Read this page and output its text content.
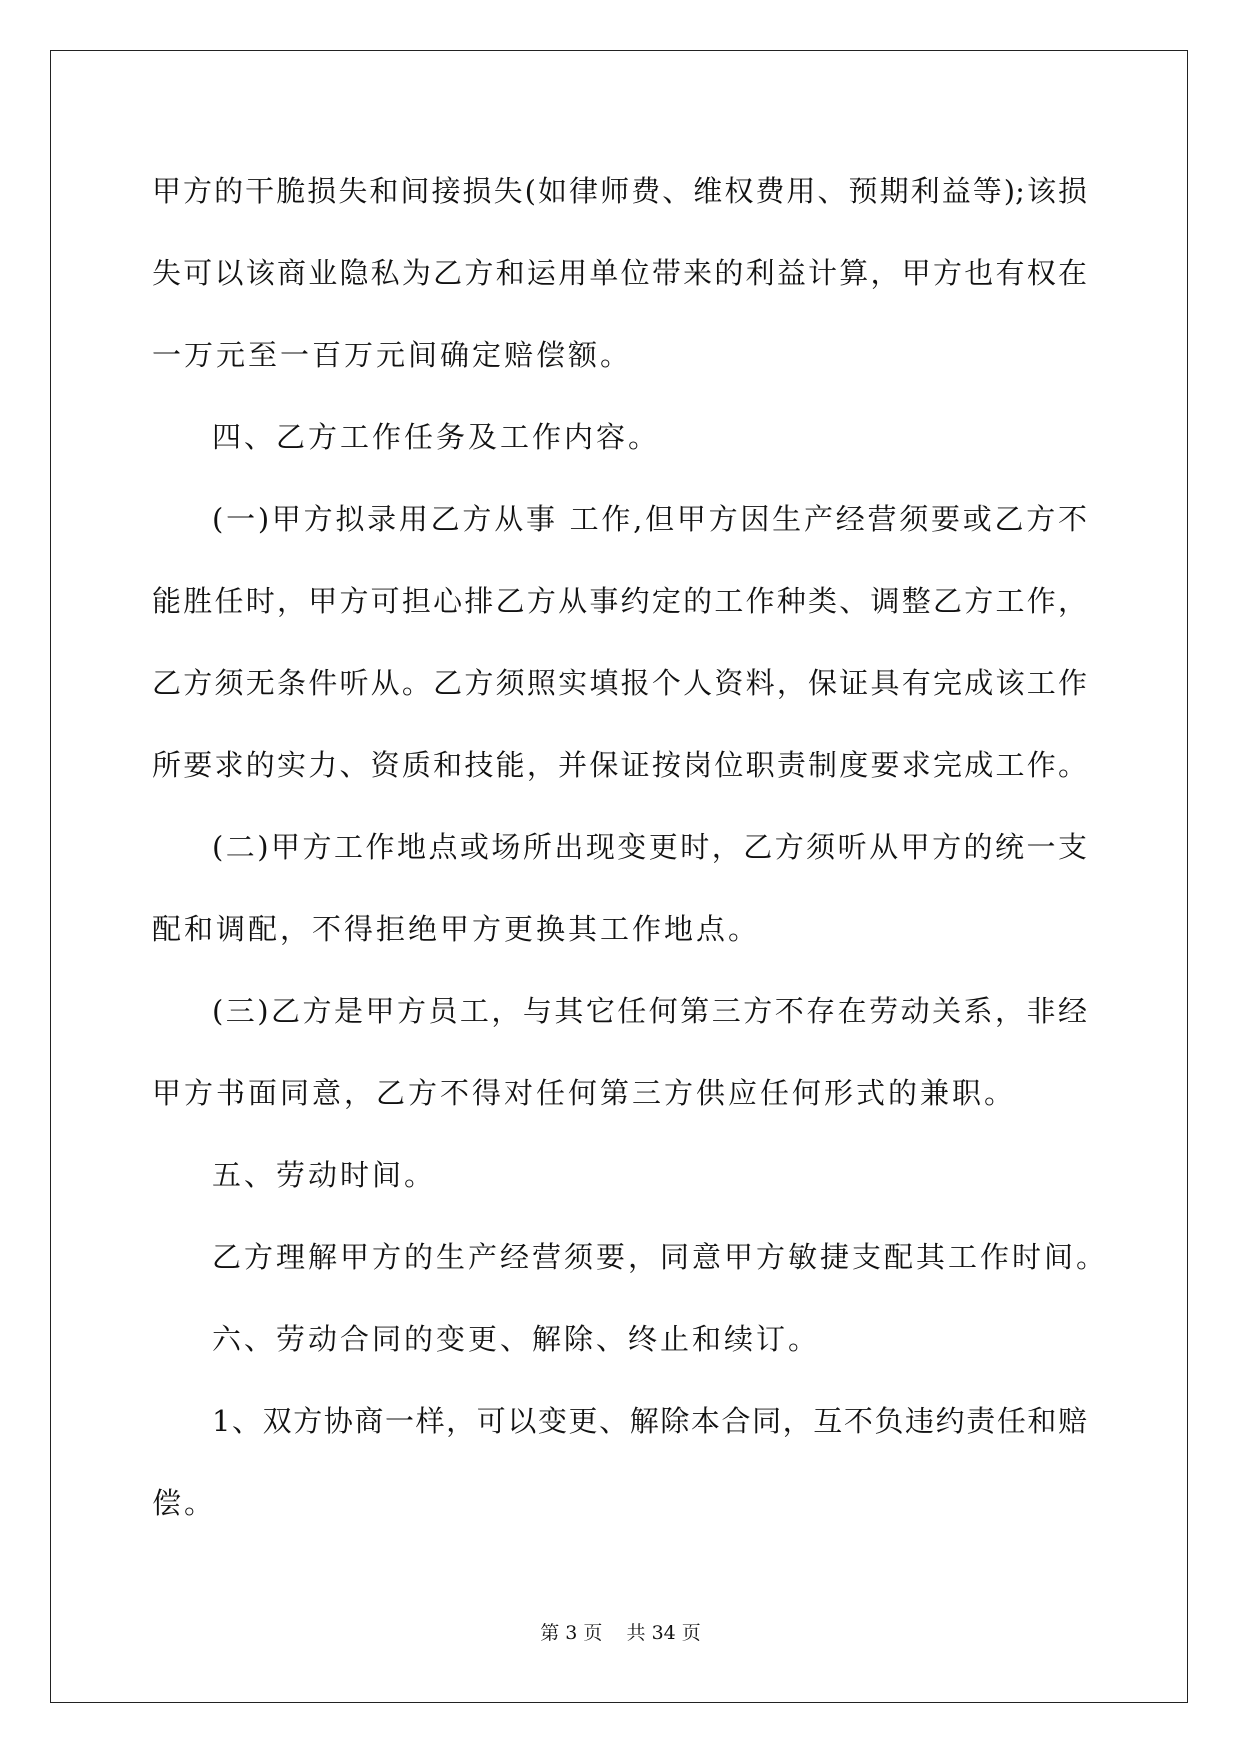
甲方的干脆损失和间接损失(如律师费、维权费用、预期利益等);该损
失可以该商业隐私为乙方和运用单位带来的利益计算，甲方也有权在
一万元至一百万元间确定赔偿额。
四、乙方工作任务及工作内容。
(一)甲方拟录用乙方从事 工作,但甲方因生产经营须要或乙方不
能胜任时，甲方可担心排乙方从事约定的工作种类、调整乙方工作，
乙方须无条件听从。乙方须照实填报个人资料，保证具有完成该工作
所要求的实力、资质和技能，并保证按岗位职责制度要求完成工作。
(二)甲方工作地点或场所出现变更时，乙方须听从甲方的统一支
配和调配，不得拒绝甲方更换其工作地点。
(三)乙方是甲方员工，与其它任何第三方不存在劳动关系，非经
甲方书面同意，乙方不得对任何第三方供应任何形式的兼职。
五、劳动时间。
乙方理解甲方的生产经营须要，同意甲方敏捷支配其工作时间。
六、劳动合同的变更、解除、终止和续订。
1、双方协商一样，可以变更、解除本合同，互不负违约责任和赔
偿。
第 3 页    共 34 页
